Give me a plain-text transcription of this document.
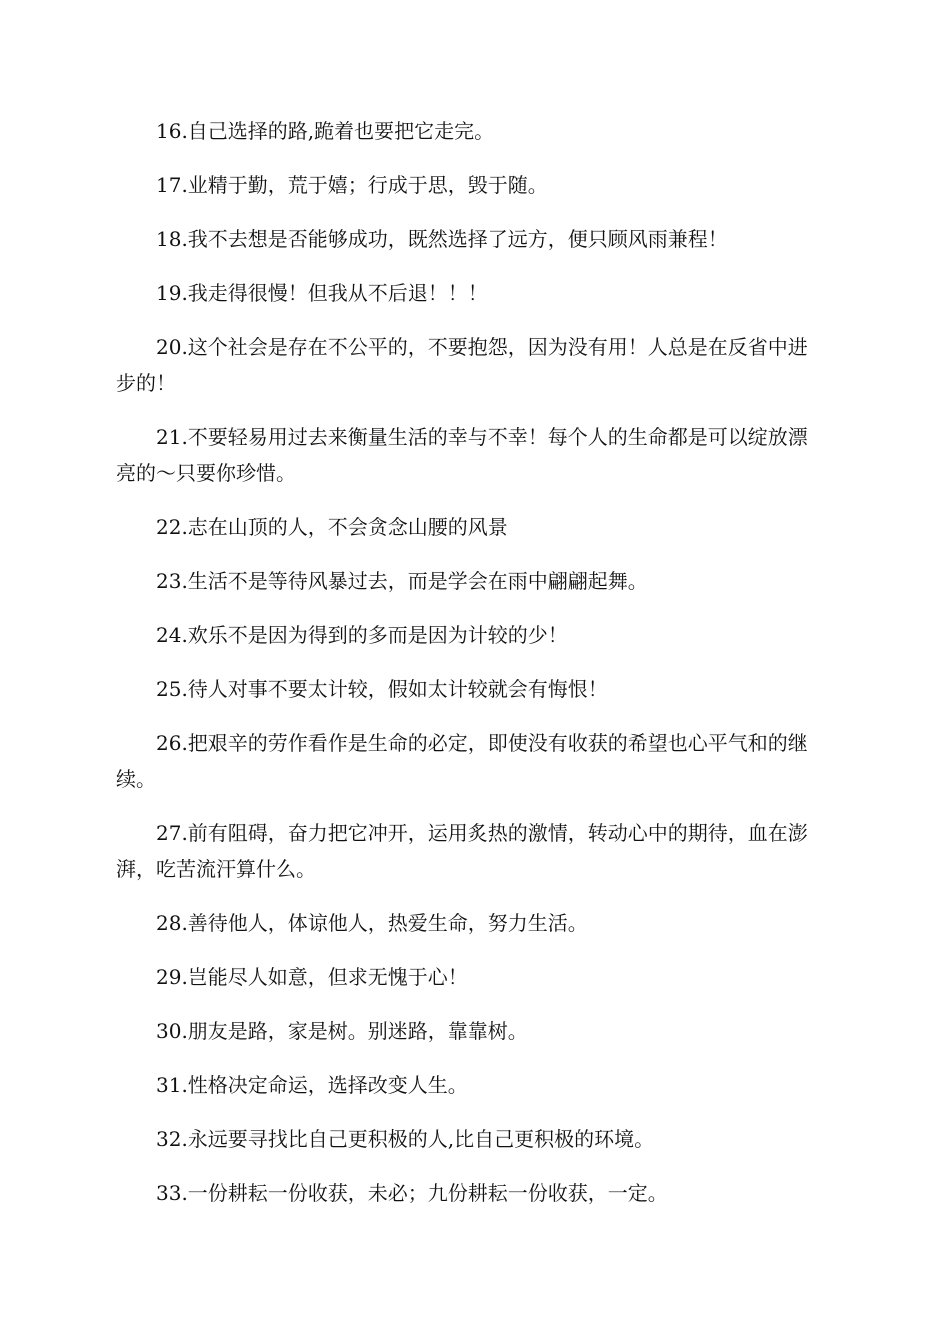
16.自己选择的路,跪着也要把它走完。

17.业精于勤，荒于嬉；行成于思，毁于随。

18.我不去想是否能够成功，既然选择了远方，便只顾风雨兼程！

19.我走得很慢！但我从不后退！！！

20.这个社会是存在不公平的，不要抱怨，因为没有用！人总是在反省中进步的！

21.不要轻易用过去来衡量生活的幸与不幸！每个人的生命都是可以绽放漂亮的～只要你珍惜。

22.志在山顶的人，不会贪念山腰的风景

23.生活不是等待风暴过去，而是学会在雨中翩翩起舞。

24.欢乐不是因为得到的多而是因为计较的少！

25.待人对事不要太计较，假如太计较就会有悔恨！

26.把艰辛的劳作看作是生命的必定，即使没有收获的希望也心平气和的继续。

27.前有阻碍，奋力把它冲开，运用炙热的激情，转动心中的期待，血在澎湃，吃苦流汗算什么。

28.善待他人，体谅他人，热爱生命，努力生活。

29.岂能尽人如意，但求无愧于心！

30.朋友是路，家是树。别迷路，靠靠树。

31.性格决定命运，选择改变人生。

32.永远要寻找比自己更积极的人,比自己更积极的环境。

33.一份耕耘一份收获，未必；九份耕耘一份收获，一定。
